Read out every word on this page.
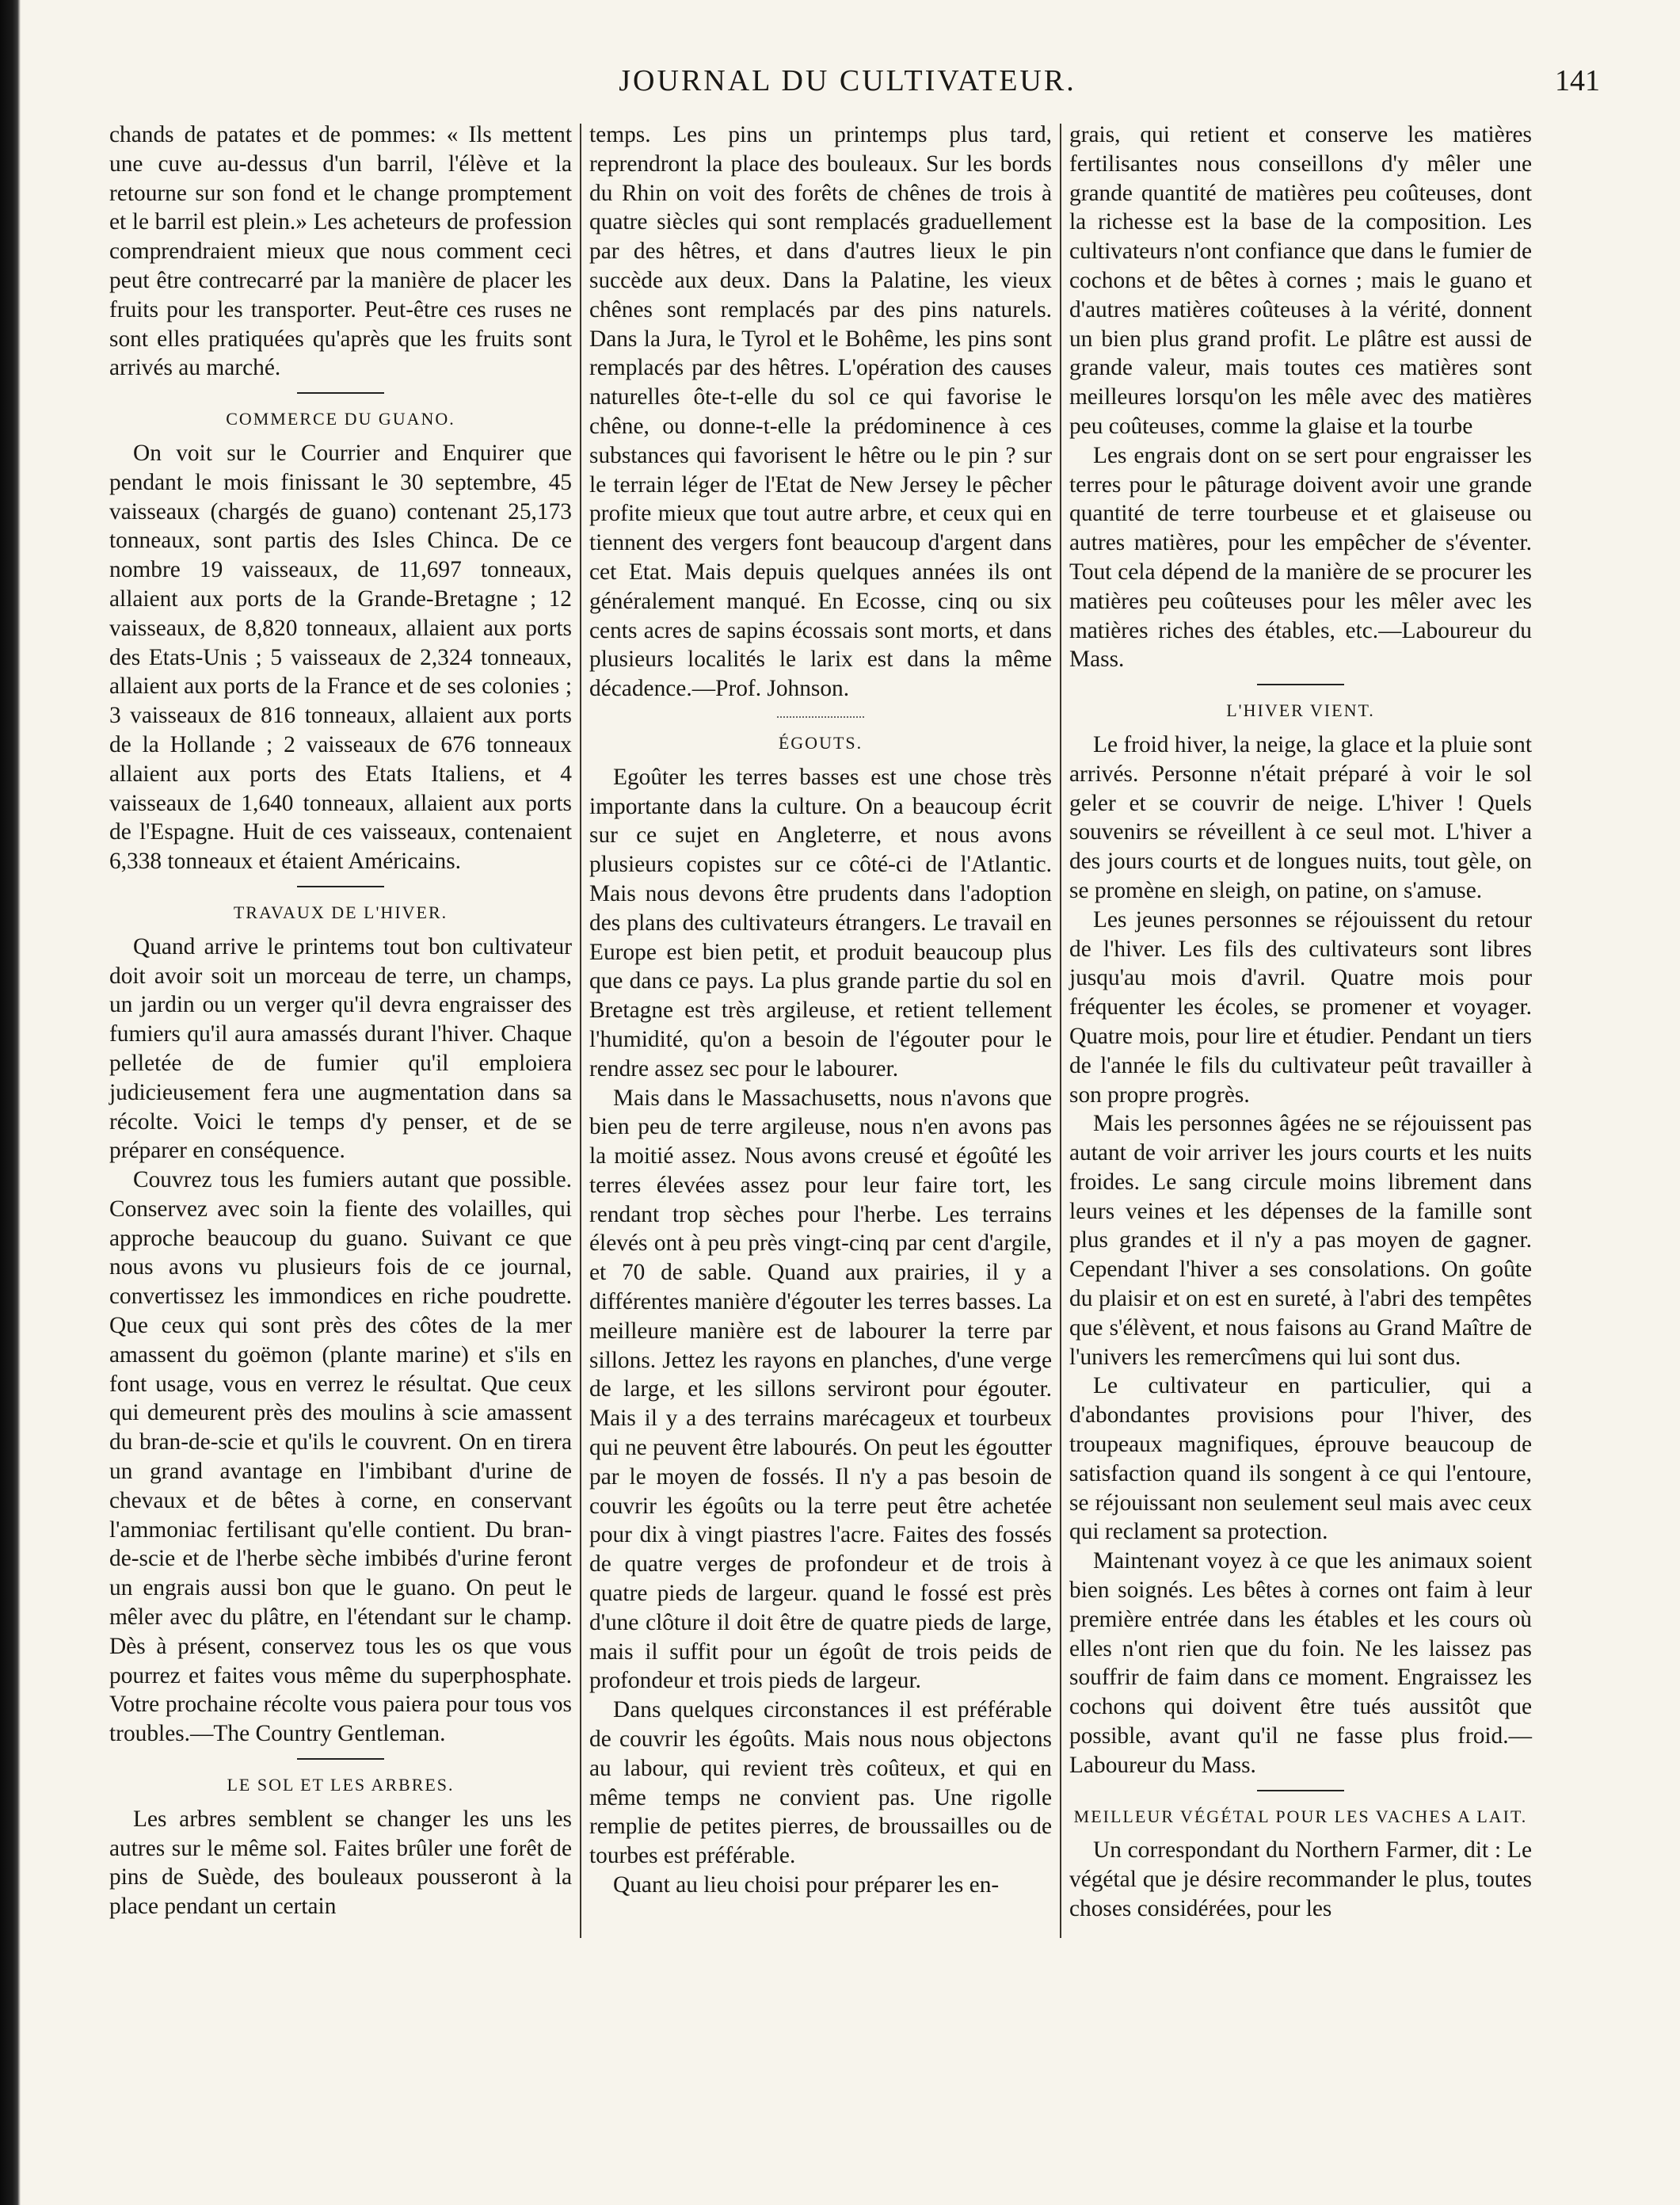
JOURNAL DU CULTIVATEUR.	141

chands de patates et de pommes: « Ils mettent une cuve au-dessus d'un barril, l'élève et la retourne sur son fond et le change promptement et le barril est plein.» Les acheteurs de profession comprendraient mieux que nous comment ceci peut être contrecarré par la manière de placer les fruits pour les transporter. Peut-être ces ruses ne sont elles pratiquées qu'après que les fruits sont arrivés au marché.

COMMERCE DU GUANO.

On voit sur le Courrier and Enquirer que pendant le mois finissant le 30 septembre, 45 vaisseaux (chargés de guano) contenant 25,173 tonneaux, sont partis des Isles Chinca. De ce nombre 19 vaisseaux, de 11,697 tonneaux, allaient aux ports de la Grande-Bretagne ; 12 vaisseaux, de 8,820 tonneaux, allaient aux ports des Etats-Unis ; 5 vaisseaux de 2,324 tonneaux, allaient aux ports de la France et de ses colonies ; 3 vaisseaux de 816 tonneaux, allaient aux ports de la Hollande ; 2 vaisseaux de 676 tonneaux allaient aux ports des Etats Italiens, et 4 vaisseaux de 1,640 tonneaux, allaient aux ports de l'Espagne. Huit de ces vaisseaux, contenaient 6,338 tonneaux et étaient Américains.

TRAVAUX DE L'HIVER.

Quand arrive le printems tout bon cultivateur doit avoir soit un morceau de terre, un champs, un jardin ou un verger qu'il devra engraisser des fumiers qu'il aura amassés durant l'hiver. Chaque pelletée de de fumier qu'il emploiera judicieusement fera une augmentation dans sa récolte. Voici le temps d'y penser, et de se préparer en conséquence.

Couvrez tous les fumiers autant que possible. Conservez avec soin la fiente des volailles, qui approche beaucoup du guano. Suivant ce que nous avons vu plusieurs fois de ce journal, convertissez les immondices en riche poudrette. Que ceux qui sont près des côtes de la mer amassent du goëmon (plante marine) et s'ils en font usage, vous en verrez le résultat. Que ceux qui demeurent près des moulins à scie amassent du bran-de-scie et qu'ils le couvrent. On en tirera un grand avantage en l'imbibant d'urine de chevaux et de bêtes à corne, en conservant l'ammoniac fertilisant qu'elle contient. Du bran-de-scie et de l'herbe sèche imbibés d'urine feront un engrais aussi bon que le guano. On peut le mêler avec du plâtre, en l'étendant sur le champ. Dès à présent, conservez tous les os que vous pourrez et faites vous même du superphosphate. Votre prochaine récolte vous paiera pour tous vos troubles.—The Country Gentleman.

LE SOL ET LES ARBRES.

Les arbres semblent se changer les uns les autres sur le même sol. Faites brûler une forêt de pins de Suède, des bouleaux pousseront à la place pendant un certain

temps. Les pins un printemps plus tard, reprendront la place des bouleaux. Sur les bords du Rhin on voit des forêts de chênes de trois à quatre siècles qui sont remplacés graduellement par des hêtres, et dans d'autres lieux le pin succède aux deux. Dans la Palatine, les vieux chênes sont remplacés par des pins naturels. Dans la Jura, le Tyrol et le Bohême, les pins sont remplacés par des hêtres. L'opération des causes naturelles ôte-t-elle du sol ce qui favorise le chêne, ou donne-t-elle la prédominence à ces substances qui favorisent le hêtre ou le pin ? sur le terrain léger de l'Etat de New Jersey le pêcher profite mieux que tout autre arbre, et ceux qui en tiennent des vergers font beaucoup d'argent dans cet Etat. Mais depuis quelques années ils ont généralement manqué. En Ecosse, cinq ou six cents acres de sapins écossais sont morts, et dans plusieurs localités le larix est dans la même décadence.—Prof. Johnson.

ÉGOUTS.

Egoûter les terres basses est une chose très importante dans la culture. On a beaucoup écrit sur ce sujet en Angleterre, et nous avons plusieurs copistes sur ce côté-ci de l'Atlantic. Mais nous devons être prudents dans l'adoption des plans des cultivateurs étrangers. Le travail en Europe est bien petit, et produit beaucoup plus que dans ce pays. La plus grande partie du sol en Bretagne est très argileuse, et retient tellement l'humidité, qu'on a besoin de l'égouter pour le rendre assez sec pour le labourer.

Mais dans le Massachusetts, nous n'avons que bien peu de terre argileuse, nous n'en avons pas la moitié assez. Nous avons creusé et égoûté les terres élevées assez pour leur faire tort, les rendant trop sèches pour l'herbe. Les terrains élevés ont à peu près vingt-cinq par cent d'argile, et 70 de sable. Quand aux prairies, il y a différentes manière d'égouter les terres basses. La meilleure manière est de labourer la terre par sillons. Jettez les rayons en planches, d'une verge de large, et les sillons serviront pour égouter. Mais il y a des terrains marécageux et tourbeux qui ne peuvent être labourés. On peut les égoutter par le moyen de fossés. Il n'y a pas besoin de couvrir les égoûts ou la terre peut être achetée pour dix à vingt piastres l'acre. Faites des fossés de quatre verges de profondeur et de trois à quatre pieds de largeur. quand le fossé est près d'une clôture il doit être de quatre pieds de large, mais il suffit pour un égoût de trois peids de profondeur et trois pieds de largeur.

Dans quelques circonstances il est préférable de couvrir les égoûts. Mais nous nous objectons au labour, qui revient très coûteux, et qui en même temps ne convient pas. Une rigolle remplie de petites pierres, de broussailles ou de tourbes est préférable.

Quant au lieu choisi pour préparer les en-

grais, qui retient et conserve les matières fertilisantes nous conseillons d'y mêler une grande quantité de matières peu coûteuses, dont la richesse est la base de la composition. Les cultivateurs n'ont confiance que dans le fumier de cochons et de bêtes à cornes ; mais le guano et d'autres matières coûteuses à la vérité, donnent un bien plus grand profit. Le plâtre est aussi de grande valeur, mais toutes ces matières sont meilleures lorsqu'on les mêle avec des matières peu coûteuses, comme la glaise et la tourbe

Les engrais dont on se sert pour engraisser les terres pour le pâturage doivent avoir une grande quantité de terre tourbeuse et et glaiseuse ou autres matières, pour les empêcher de s'éventer. Tout cela dépend de la manière de se procurer les matières peu coûteuses pour les mêler avec les matières riches des étables, etc.—Laboureur du Mass.

L'HIVER VIENT.

Le froid hiver, la neige, la glace et la pluie sont arrivés. Personne n'était préparé à voir le sol geler et se couvrir de neige. L'hiver ! Quels souvenirs se réveillent à ce seul mot. L'hiver a des jours courts et de longues nuits, tout gèle, on se promène en sleigh, on patine, on s'amuse.

Les jeunes personnes se réjouissent du retour de l'hiver. Les fils des cultivateurs sont libres jusqu'au mois d'avril. Quatre mois pour fréquenter les écoles, se promener et voyager. Quatre mois, pour lire et étudier. Pendant un tiers de l'année le fils du cultivateur peût travailler à son propre progrès.

Mais les personnes âgées ne se réjouissent pas autant de voir arriver les jours courts et les nuits froides. Le sang circule moins librement dans leurs veines et les dépenses de la famille sont plus grandes et il n'y a pas moyen de gagner. Cependant l'hiver a ses consolations. On goûte du plaisir et on est en sureté, à l'abri des tempêtes que s'élèvent, et nous faisons au Grand Maître de l'univers les remercîmens qui lui sont dus.

Le cultivateur en particulier, qui a d'abondantes provisions pour l'hiver, des troupeaux magnifiques, éprouve beaucoup de satisfaction quand ils songent à ce qui l'entoure, se réjouissant non seulement seul mais avec ceux qui reclament sa protection.

Maintenant voyez à ce que les animaux soient bien soignés. Les bêtes à cornes ont faim à leur première entrée dans les étables et les cours où elles n'ont rien que du foin. Ne les laissez pas souffrir de faim dans ce moment. Engraissez les cochons qui doivent être tués aussitôt que possible, avant qu'il ne fasse plus froid.—Laboureur du Mass.

MEILLEUR VÉGÉTAL POUR LES VACHES A LAIT.

Un correspondant du Northern Farmer, dit : Le végétal que je désire recommander le plus, toutes choses considérées, pour les
